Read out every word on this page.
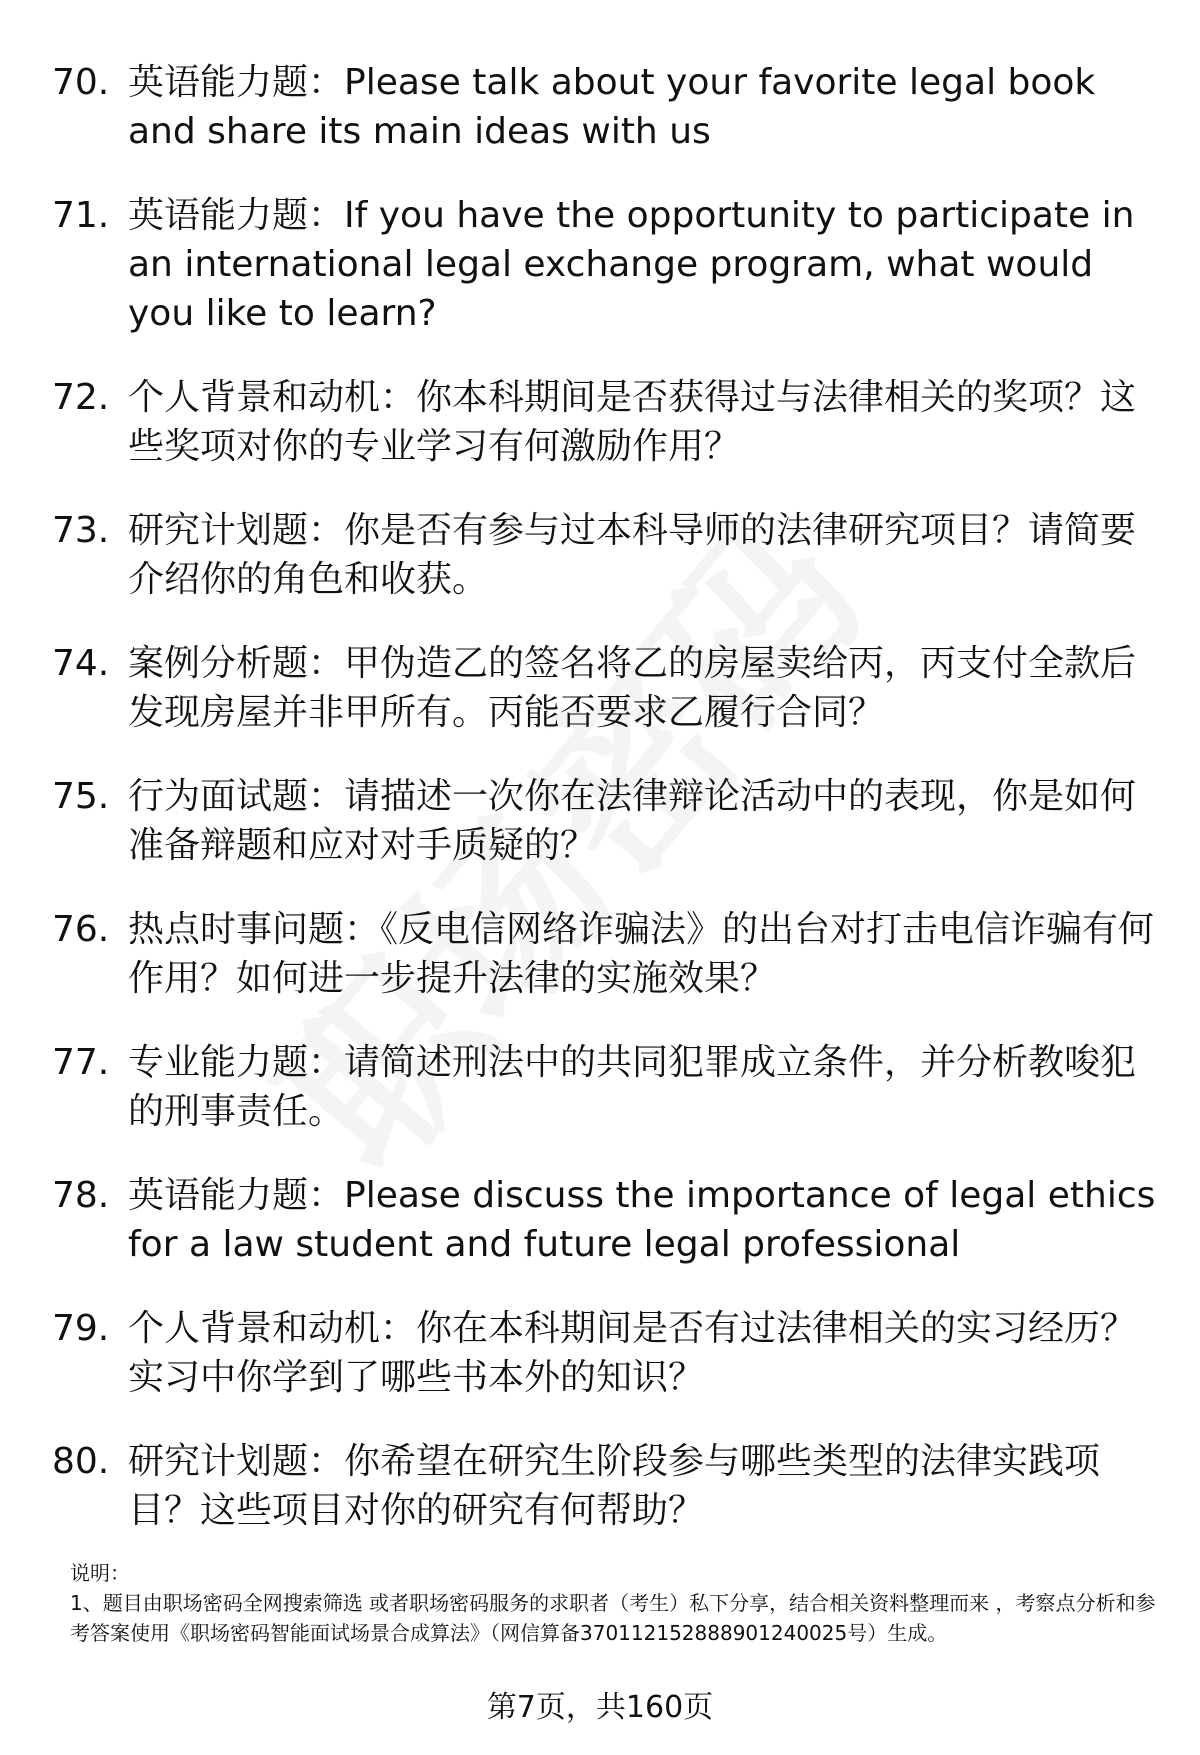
70. 英语能力题：Please talk about your favorite legal book and share its main ideas with us
71. 英语能力题：If you have the opportunity to participate in an international legal exchange program, what would you like to learn?
72. 个人背景和动机：你本科期间是否获得过与法律相关的奖项？这些奖项对你的专业学习有何激励作用？
73. 研究计划题：你是否有参与过本科导师的法律研究项目？请简要介绍你的角色和收获。
74. 案例分析题：甲伪造乙的签名将乙的房屋卖给丙，丙支付全款后发现房屋并非甲所有。丙能否要求乙履行合同？
75. 行为面试题：请描述一次你在法律辩论活动中的表现，你是如何准备辩题和应对对手质疑的？
76. 热点时事问题：《反电信网络诈骗法》的出台对打击电信诈骗有何作用？如何进一步提升法律的实施效果？
77. 专业能力题：请简述刑法中的共同犯罪成立条件，并分析教唆犯的刑事责任。
78. 英语能力题：Please discuss the importance of legal ethics for a law student and future legal professional
79. 个人背景和动机：你在本科期间是否有过法律相关的实习经历？实习中你学到了哪些书本外的知识？
80. 研究计划题：你希望在研究生阶段参与哪些类型的法律实践项目？这些项目对你的研究有何帮助？
说明：
1、题目由职场密码全网搜索筛选 或者职场密码服务的求职者（考生）私下分享，结合相关资料整理而来 ，考察点分析和参考答案使用《职场密码智能面试场景合成算法》（网信算备370112152888901240025号）生成。
第7页，共160页
